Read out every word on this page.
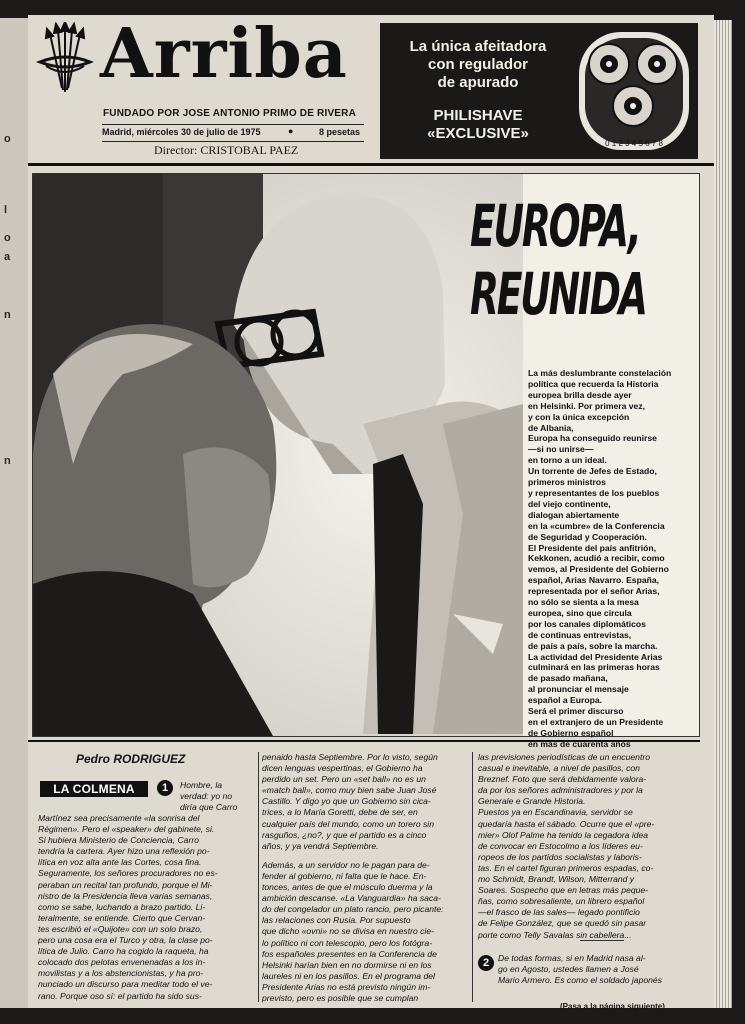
o
l
o
a
n
n
Arriba
FUNDADO POR JOSE ANTONIO PRIMO DE RIVERA
Madrid, miércoles 30 de julio de 1975	●	8 pesetas
Director: CRISTOBAL PAEZ
La única afeitadora
con regulador
de apurado
PHILISHAVE
«EXCLUSIVE»
0 1 2 3 4 5 6 7 8
EUROPA,
REUNIDA
La más deslumbrante constelación
política que recuerda la Historia
europea brilla desde ayer
en Helsinki. Por primera vez,
y con la única excepción
de Albania,
Europa ha conseguido reunirse
—si no unirse—
en torno a un ideal.
Un torrente de Jefes de Estado,
primeros ministros
y representantes de los pueblos
del viejo continente,
dialogan abiertamente
en la «cumbre» de la Conferencia
de Seguridad y Cooperación.
El Presidente del país anfitrión,
Kekkonen, acudió a recibir, como
vemos, al Presidente del Gobierno
español, Arias Navarro. España,
representada por el señor Arias,
no sólo se sienta a la mesa
europea, sino que circula
por los canales diplomáticos
de continuas entrevistas,
de país a país, sobre la marcha.
La actividad del Presidente Arias
culminará en las primeras horas
de pasado mañana,
al pronunciar el mensaje
español a Europa.
Será el primer discurso
en el extranjero de un Presidente
de Gobierno español
en más de cuarenta años
Pedro RODRIGUEZ
LA COLMENA	1	Hombre, la
verdad: yo no
diría que Carro
Martínez sea precisamente «la sonrisa del
Régimen». Pero el «speaker» del gabinete, si.
Si hubiera Ministerio de Conciencia, Carro
tendría la cartera. Ayer hizo una reflexión po-
lítica en voz alta ante las Cortes, cosa fina.
Seguramente, los señores procuradores no es-
peraban un recital tan profundo, porque el Mi-
nistro de la Presidencia lleva varias semanas,
como se sabe, luchando a brazo partido. Li-
teralmente, se entiende. Cierto que Cervan-
tes escribió el «Quijote» con un solo brazo,
pero una cosa era el Turco y otra, la clase po-
lítica de Julio. Carro ha cogido la raqueta, ha
colocado dos pelotas envenenadas a los in-
movilistas y a los abstencionistas, y ha pro-
nunciado un discurso para meditar todo el ve-
rano. Porque oso sí: el partido ha sido sus-
penaido hasta Septiembre. Por lo visto, según
dicen lenguas vespertinas, el Gobierno ha
perdido un set. Pero un «set ball» no es un
«match ball», como muy bien sabe Juan José
Castillo. Y digo yo que un Gobierno sin cica-
trices, a lo María Goretti, debe de ser, en
cualquier país del mundo, como un torero sin
rasguños, ¿no?, y que el partido es a cinco
años, y ya vendrá Septiembre.
Además, a un servidor no le pagan para de-
fender al gobierno, ni falta que le hace. En-
tonces, antes de que el músculo duerma y la
ambición descanse. «La Vanguardia» ha saca-
do del congelador un plato rancio, pero picante:
las relaciones con Rusia. Por supuesto
que dicho «ovni» no se divisa en nuestro cie-
lo político ni con telescopio, pero los fotógra-
fos españoles presentes en la Conferencia de
Helsinki harían bien en no dormirse ni en los
laureles ni en los pasillos. En el programa del
Presidente Arias no está previsto ningún im-
previsto, pero es posible que se cumplan
las previsiones periodísticas de un encuentro
casual e inevitable, a nivel de pasillos, con
Breznef. Foto que será debidamente valora-
da por los señores administradores y por la
Generale e Grande Historia.
Puestos ya en Escandinavia, servidor se
quedaría hasta el sábado. Ocurre que el «pre-
mier» Olof Palme ha tenido la cegadora idea
de convocar en Estocolmo a los líderes eu-
ropeos de los partidos socialistas y laboris-
tas. En el cartel figuran primeros espadas, co-
mo Schmidt, Brandt, Wilson, Mitterrand y
Soares. Sospecho que en letras más peque-
ñas, como sobresaliente, un librero español
—el frasco de las sales— legado pontificio
de Felipe González, que se quedó sin pasar
porte como Telly Savalas sin cabellera...
2	De todas formas, si en Madrid nasa al-
go en Agosto, ustedes llamen a José
Mario Armero. Es como el soldado japonés
(Pasa a la página siguiente)
